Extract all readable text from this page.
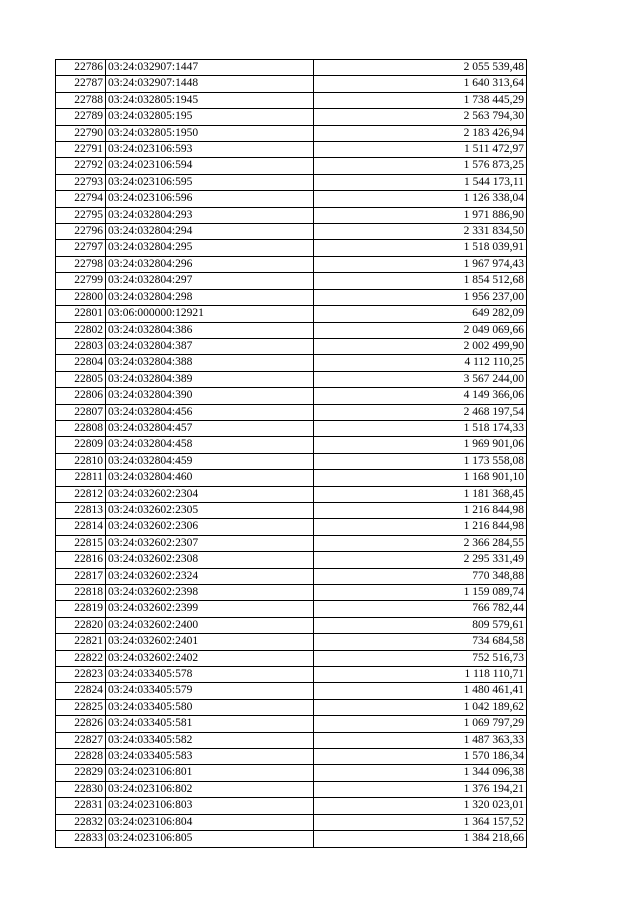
22786	03:24:032907:1447	2 055 539,48
22787	03:24:032907:1448	1 640 313,64
22788	03:24:032805:1945	1 738 445,29
22789	03:24:032805:195	2 563 794,30
22790	03:24:032805:1950	2 183 426,94
22791	03:24:023106:593	1 511 472,97
22792	03:24:023106:594	1 576 873,25
22793	03:24:023106:595	1 544 173,11
22794	03:24:023106:596	1 126 338,04
22795	03:24:032804:293	1 971 886,90
22796	03:24:032804:294	2 331 834,50
22797	03:24:032804:295	1 518 039,91
22798	03:24:032804:296	1 967 974,43
22799	03:24:032804:297	1 854 512,68
22800	03:24:032804:298	1 956 237,00
22801	03:06:000000:12921	649 282,09
22802	03:24:032804:386	2 049 069,66
22803	03:24:032804:387	2 002 499,90
22804	03:24:032804:388	4 112 110,25
22805	03:24:032804:389	3 567 244,00
22806	03:24:032804:390	4 149 366,06
22807	03:24:032804:456	2 468 197,54
22808	03:24:032804:457	1 518 174,33
22809	03:24:032804:458	1 969 901,06
22810	03:24:032804:459	1 173 558,08
22811	03:24:032804:460	1 168 901,10
22812	03:24:032602:2304	1 181 368,45
22813	03:24:032602:2305	1 216 844,98
22814	03:24:032602:2306	1 216 844,98
22815	03:24:032602:2307	2 366 284,55
22816	03:24:032602:2308	2 295 331,49
22817	03:24:032602:2324	770 348,88
22818	03:24:032602:2398	1 159 089,74
22819	03:24:032602:2399	766 782,44
22820	03:24:032602:2400	809 579,61
22821	03:24:032602:2401	734 684,58
22822	03:24:032602:2402	752 516,73
22823	03:24:033405:578	1 118 110,71
22824	03:24:033405:579	1 480 461,41
22825	03:24:033405:580	1 042 189,62
22826	03:24:033405:581	1 069 797,29
22827	03:24:033405:582	1 487 363,33
22828	03:24:033405:583	1 570 186,34
22829	03:24:023106:801	1 344 096,38
22830	03:24:023106:802	1 376 194,21
22831	03:24:023106:803	1 320 023,01
22832	03:24:023106:804	1 364 157,52
22833	03:24:023106:805	1 384 218,66
